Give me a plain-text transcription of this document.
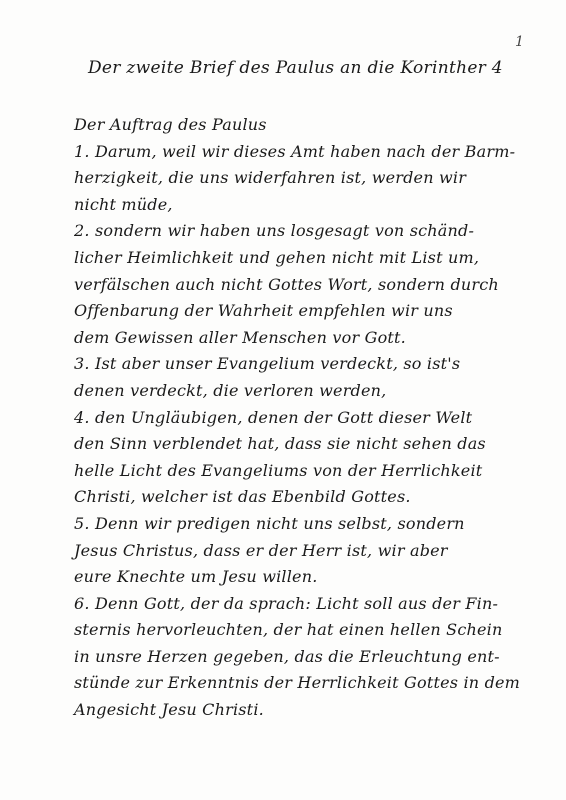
1
Der zweite Brief des Paulus an die Korinther 4
Der Auftrag des Paulus
1. Darum, weil wir dieses Amt haben nach der Barm-
herzigkeit, die uns widerfahren ist, werden wir
nicht müde,
2. sondern wir haben uns losgesagt von schänd-
licher Heimlichkeit und gehen nicht mit List um,
verfälschen auch nicht Gottes Wort, sondern durch
Offenbarung der Wahrheit empfehlen wir uns
dem Gewissen aller Menschen vor Gott.
3. Ist aber unser Evangelium verdeckt, so ist's
denen verdeckt, die verloren werden,
4. den Ungläubigen, denen der Gott dieser Welt
den Sinn verblendet hat, dass sie nicht sehen das
helle Licht des Evangeliums von der Herrlichkeit
Christi, welcher ist das Ebenbild Gottes.
5. Denn wir predigen nicht uns selbst, sondern
Jesus Christus, dass er der Herr ist, wir aber
eure Knechte um Jesu willen.
6. Denn Gott, der da sprach: Licht soll aus der Fin-
sternis hervorleuchten, der hat einen hellen Schein
in unsre Herzen gegeben, das die Erleuchtung ent-
stünde zur Erkenntnis der Herrlichkeit Gottes in dem
Angesicht Jesu Christi.
